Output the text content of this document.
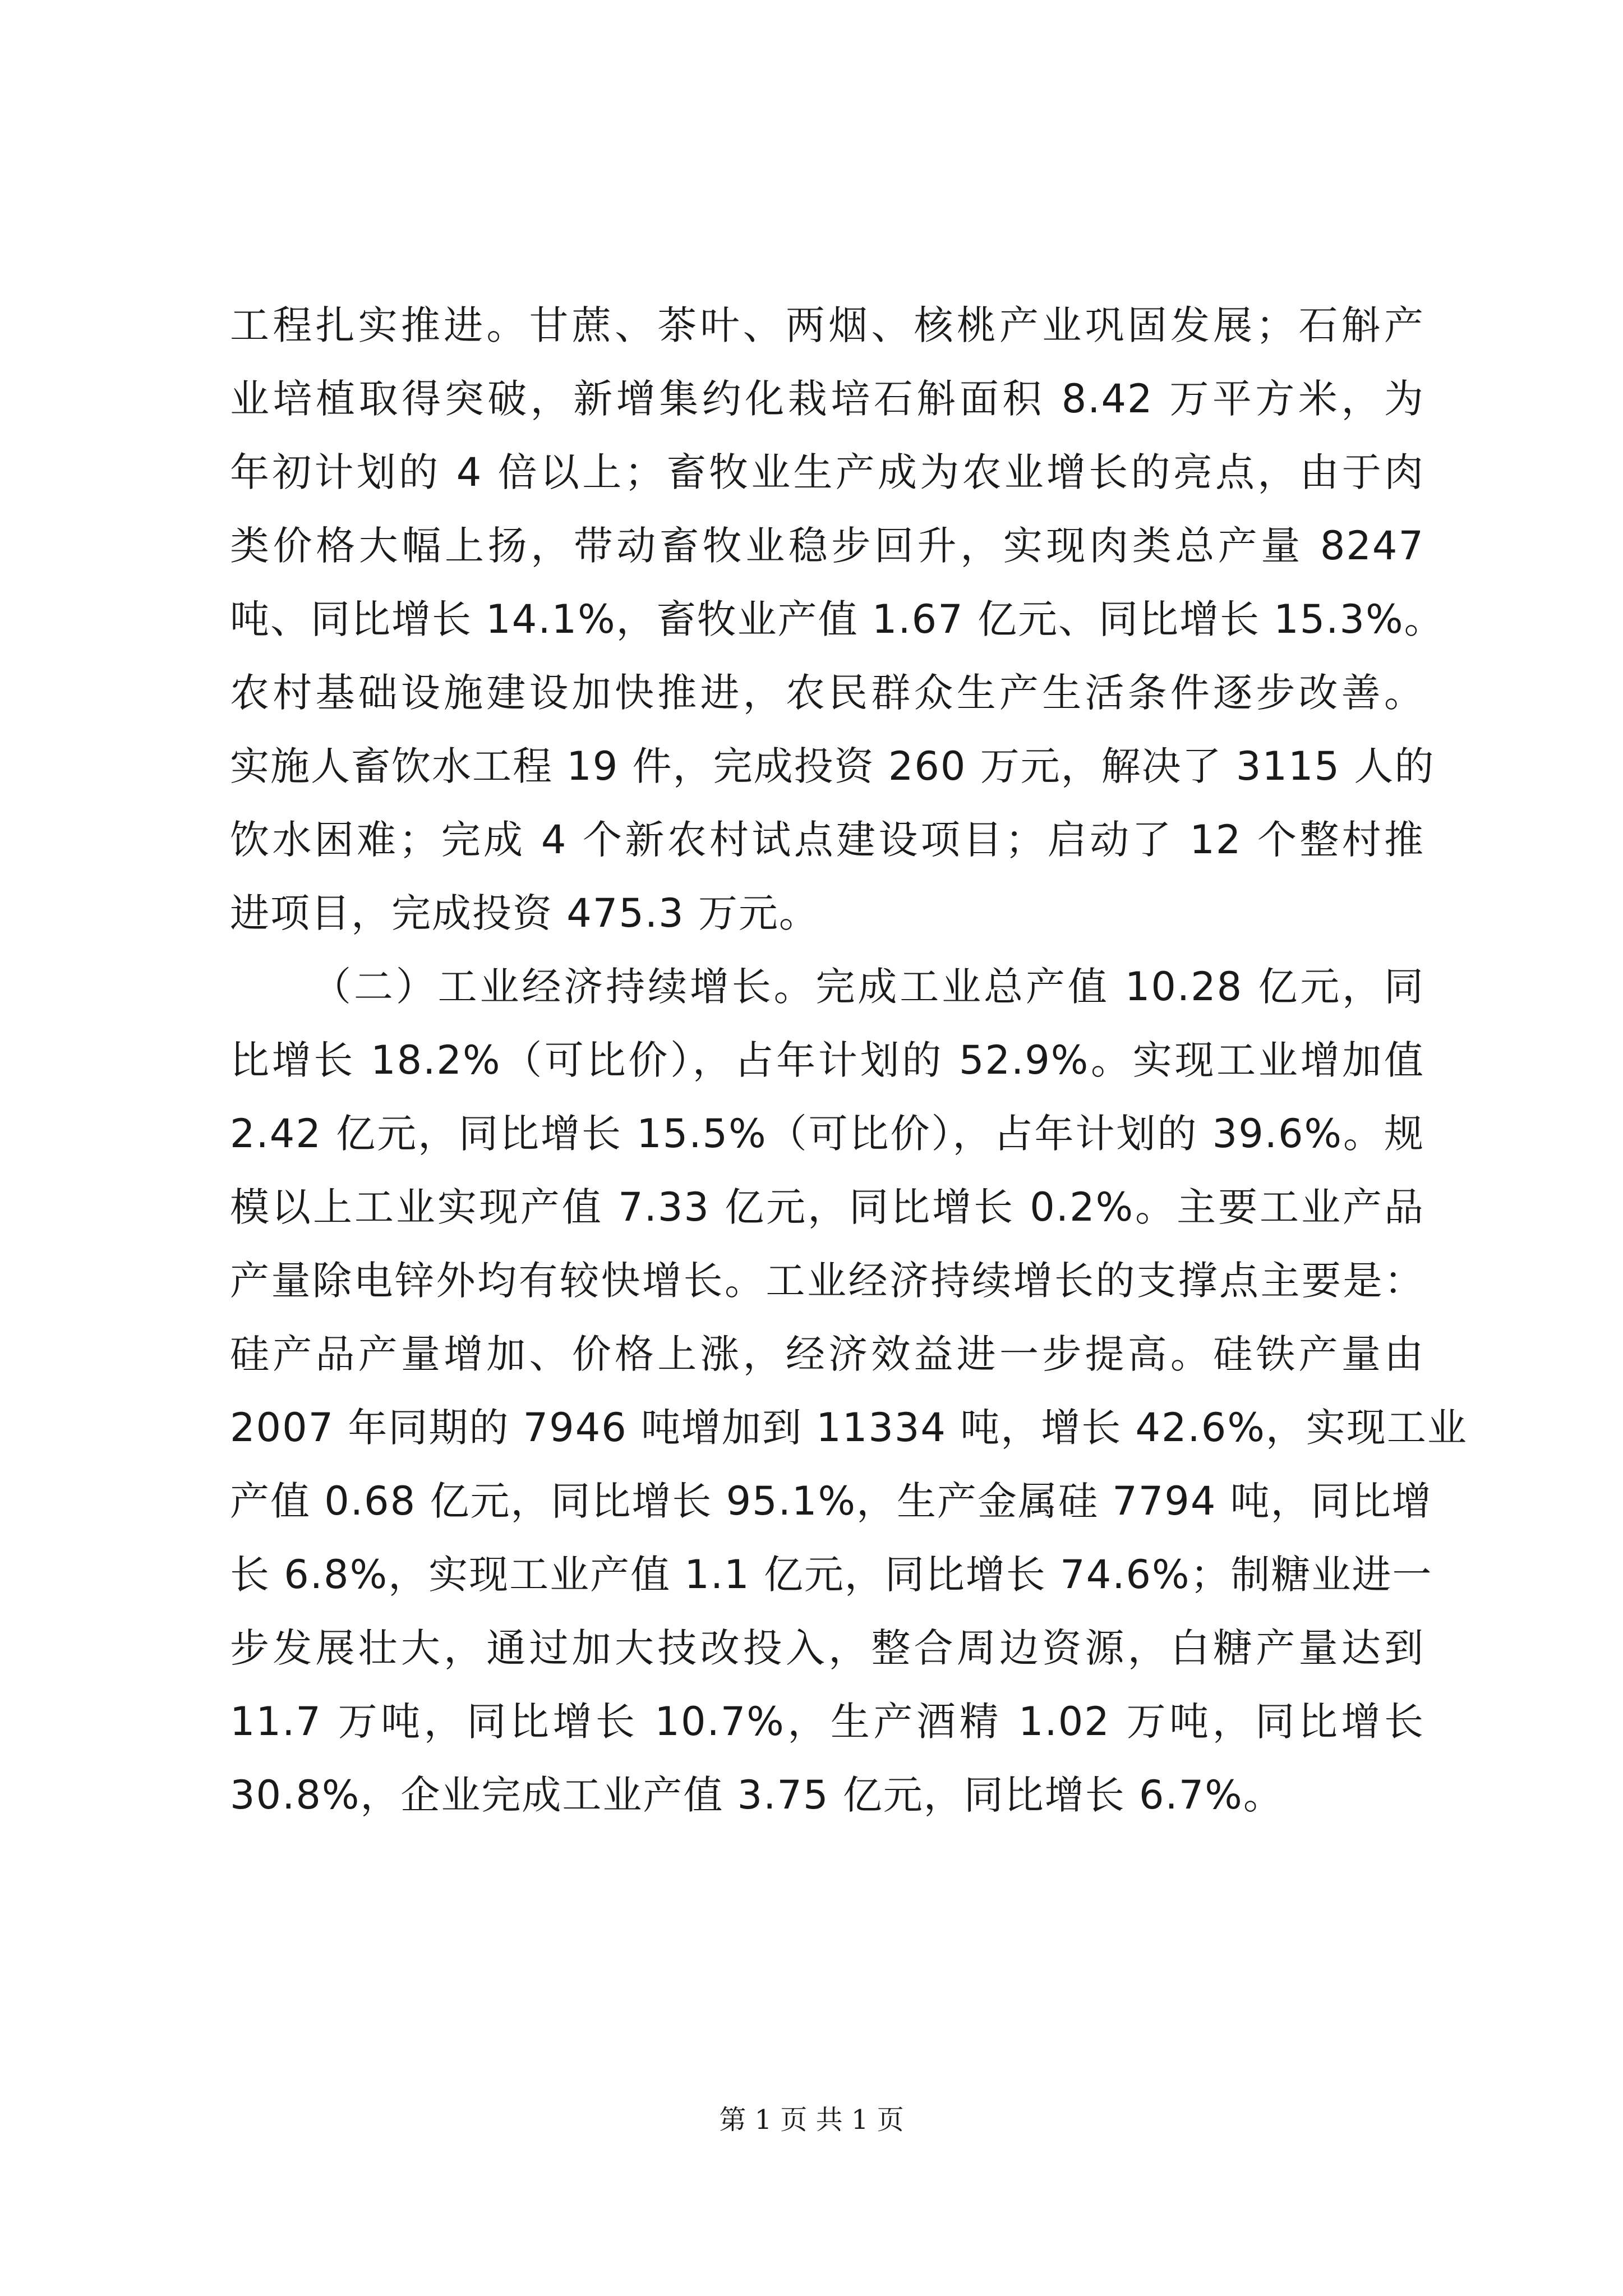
工程扎实推进。甘蔗、茶叶、两烟、核桃产业巩固发展；石斛产
业培植取得突破，新增集约化栽培石斛面积 8.42 万平方米，为
年初计划的 4 倍以上；畜牧业生产成为农业增长的亮点，由于肉
类价格大幅上扬，带动畜牧业稳步回升，实现肉类总产量 8247
吨、同比增长 14.1%，畜牧业产值 1.67 亿元、同比增长 15.3%。
农村基础设施建设加快推进，农民群众生产生活条件逐步改善。
实施人畜饮水工程 19 件，完成投资 260 万元，解决了 3115 人的
饮水困难；完成 4 个新农村试点建设项目；启动了 12 个整村推
进项目，完成投资 475.3 万元。
（二）工业经济持续增长。完成工业总产值 10.28 亿元，同
比增长 18.2%（可比价），占年计划的 52.9%。实现工业增加值
2.42 亿元，同比增长 15.5%（可比价），占年计划的 39.6%。规
模以上工业实现产值 7.33 亿元，同比增长 0.2%。主要工业产品
产量除电锌外均有较快增长。工业经济持续增长的支撑点主要是：
硅产品产量增加、价格上涨，经济效益进一步提高。硅铁产量由
2007 年同期的 7946 吨增加到 11334 吨，增长 42.6%，实现工业
产值 0.68 亿元，同比增长 95.1%，生产金属硅 7794 吨，同比增
长 6.8%，实现工业产值 1.1 亿元，同比增长 74.6%；制糖业进一
步发展壮大，通过加大技改投入，整合周边资源，白糖产量达到
11.7 万吨，同比增长 10.7%，生产酒精 1.02 万吨，同比增长
30.8%，企业完成工业产值 3.75 亿元，同比增长 6.7%。
第 1 页 共 1 页
